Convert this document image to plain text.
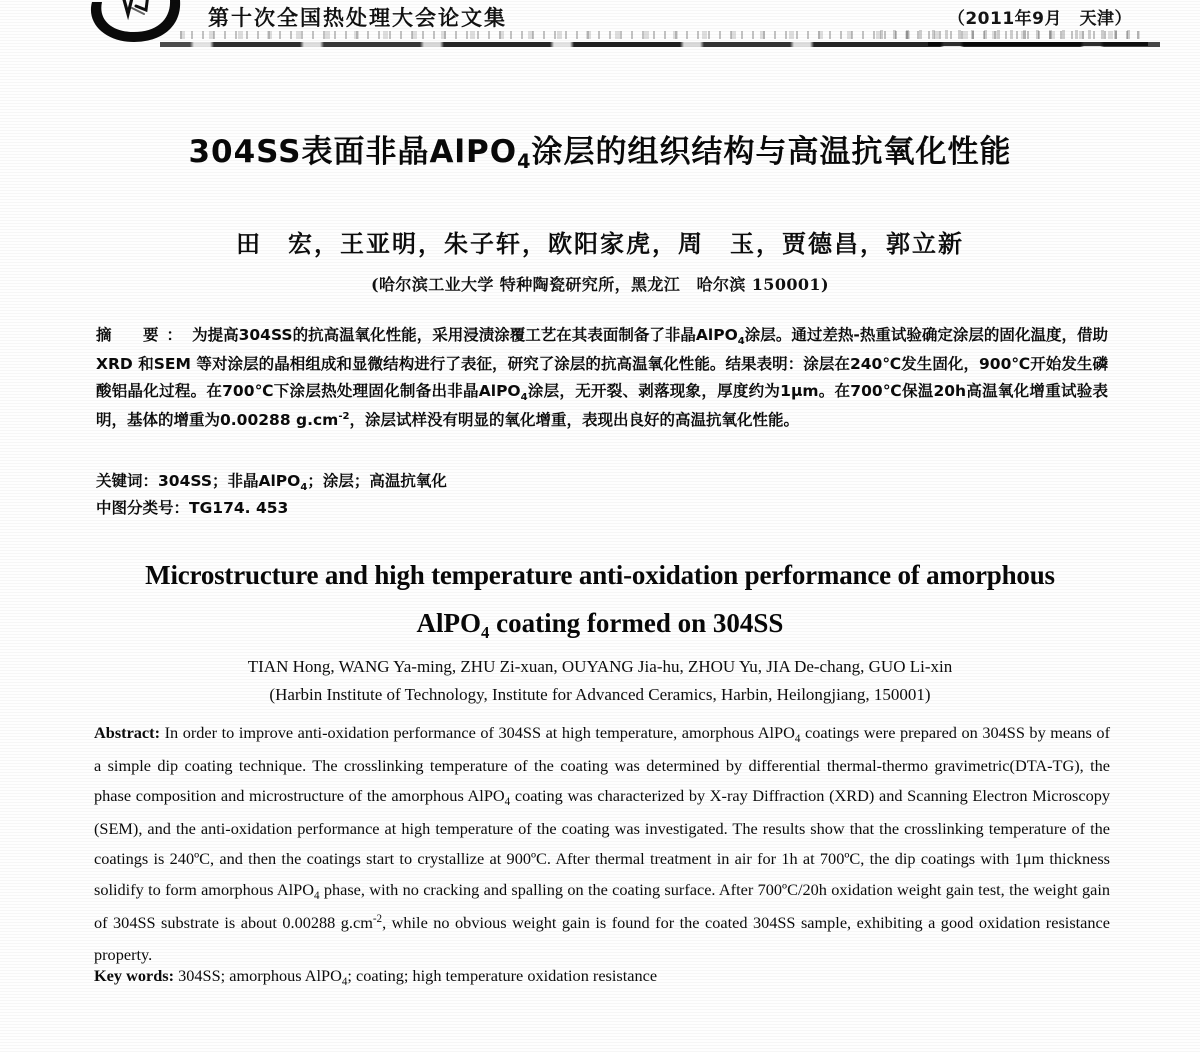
第十次全国热处理大会论文集	（2011年9月　天津）
304SS表面非晶AlPO$_4$涂层的组织结构与高温抗氧化性能
田　宏，王亚明，朱子轩，欧阳家虎，周　玉，贾德昌，郭立新
(哈尔滨工业大学 特种陶瓷研究所，黑龙江　哈尔滨 150001)
摘　要： 为提高304SS的抗高温氧化性能，采用浸渍涂覆工艺在其表面制备了非晶AlPO$_4$涂层。通过差热-热重试验确定涂层的固化温度，借助XRD 和SEM 等对涂层的晶相组成和显微结构进行了表征，研究了涂层的抗高温氧化性能。结果表明：涂层在240℃发生固化，900℃开始发生磷酸铝晶化过程。在700℃下涂层热处理固化制备出非晶AlPO$_4$涂层，无开裂、剥落现象，厚度约为1μm。在700℃保温20h高温氧化增重试验表明，基体的增重为0.00288 $g.cm^{-2}$，涂层试样没有明显的氧化增重，表现出良好的高温抗氧化性能。
关键词：304SS；非晶AlPO$_4$；涂层；高温抗氧化
中图分类号：TG174. 453
Microstructure and high temperature anti-oxidation performance of amorphous
AlPO$_4$ coating formed on 304SS
TIAN Hong, WANG Ya-ming, ZHU Zi-xuan, OUYANG Jia-hu, ZHOU Yu, JIA De-chang, GUO Li-xin
(Harbin Institute of Technology, Institute for Advanced Ceramics, Harbin, Heilongjiang, 150001)
Abstract: In order to improve anti-oxidation performance of 304SS at high temperature, amorphous AlPO$_4$ coatings were prepared on 304SS by means of a simple dip coating technique. The crosslinking temperature of the coating was determined by differential thermal-thermo gravimetric(DTA-TG), the phase composition and microstructure of the amorphous AlPO$_4$ coating was characterized by X-ray Diffraction (XRD) and Scanning Electron Microscopy (SEM), and the anti-oxidation performance at high temperature of the coating was investigated. The results show that the crosslinking temperature of the coatings is 240ºC, and then the coatings start to crystallize at 900ºC. After thermal treatment in air for 1h at 700ºC, the dip coatings with 1μm thickness solidify to form amorphous AlPO$_4$ phase, with no cracking and spalling on the coating surface. After 700ºC/20h oxidation weight gain test, the weight gain of 304SS substrate is about 0.00288 $g.cm^{-2}$, while no obvious weight gain is found for the coated 304SS sample, exhibiting a good oxidation resistance property.
Key words: 304SS; amorphous AlPO$_4$; coating; high temperature oxidation resistance
